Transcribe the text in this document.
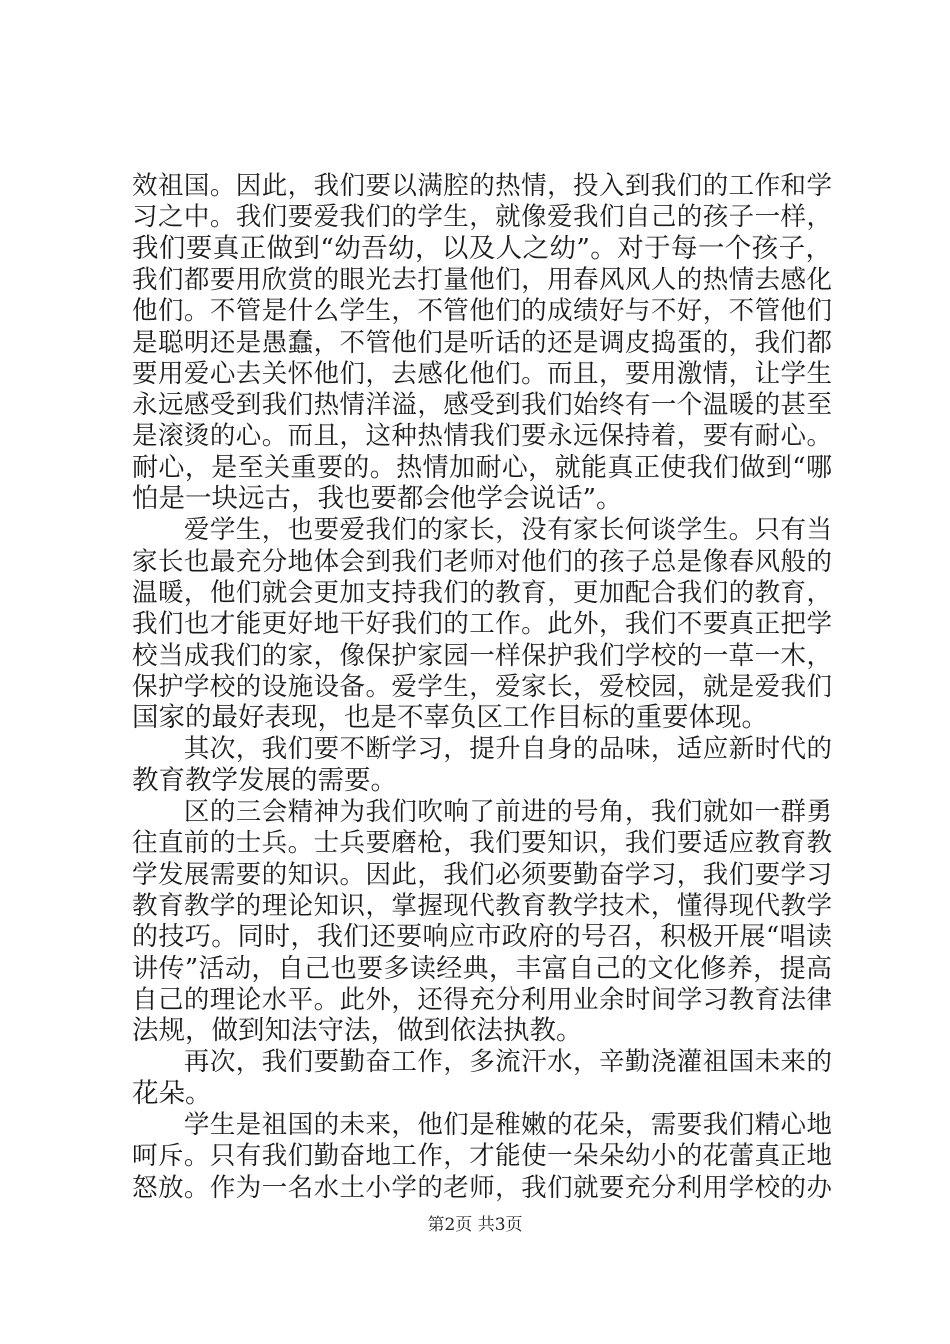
效祖国。因此，我们要以满腔的热情，投入到我们的工作和学
习之中。我们要爱我们的学生，就像爱我们自己的孩子一样，
我们要真正做到“幼吾幼，以及人之幼”。对于每一个孩子，
我们都要用欣赏的眼光去打量他们，用春风风人的热情去感化
他们。不管是什么学生，不管他们的成绩好与不好，不管他们
是聪明还是愚蠢，不管他们是听话的还是调皮捣蛋的，我们都
要用爱心去关怀他们，去感化他们。而且，要用激情，让学生
永远感受到我们热情洋溢，感受到我们始终有一个温暖的甚至
是滚烫的心。而且，这种热情我们要永远保持着，要有耐心。
耐心，是至关重要的。热情加耐心，就能真正使我们做到“哪
怕是一块远古，我也要都会他学会说话”。
　　爱学生，也要爱我们的家长，没有家长何谈学生。只有当
家长也最充分地体会到我们老师对他们的孩子总是像春风般的
温暖，他们就会更加支持我们的教育，更加配合我们的教育，
我们也才能更好地干好我们的工作。此外，我们不要真正把学
校当成我们的家，像保护家园一样保护我们学校的一草一木，
保护学校的设施设备。爱学生，爱家长，爱校园，就是爱我们
国家的最好表现，也是不辜负区工作目标的重要体现。
　　其次，我们要不断学习，提升自身的品味，适应新时代的
教育教学发展的需要。
　　区的三会精神为我们吹响了前进的号角，我们就如一群勇
往直前的士兵。士兵要磨枪，我们要知识，我们要适应教育教
学发展需要的知识。因此，我们必须要勤奋学习，我们要学习
教育教学的理论知识，掌握现代教育教学技术，懂得现代教学
的技巧。同时，我们还要响应市政府的号召，积极开展“唱读
讲传”活动，自己也要多读经典，丰富自己的文化修养，提高
自己的理论水平。此外，还得充分利用业余时间学习教育法律
法规，做到知法守法，做到依法执教。
　　再次，我们要勤奋工作，多流汗水，辛勤浇灌祖国未来的
花朵。
　　学生是祖国的未来，他们是稚嫩的花朵，需要我们精心地
呵斥。只有我们勤奋地工作，才能使一朵朵幼小的花蕾真正地
怒放。作为一名水土小学的老师，我们就要充分利用学校的办
第2页 共3页
